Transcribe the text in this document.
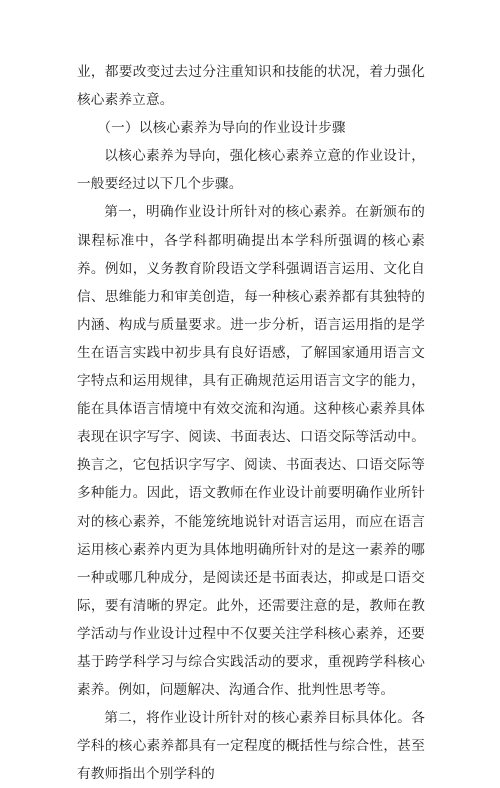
业，都要改变过去过分注重知识和技能的状况，着力强化核心素养立意。

（一）以核心素养为导向的作业设计步骤

以核心素养为导向，强化核心素养立意的作业设计，一般要经过以下几个步骤。

第一，明确作业设计所针对的核心素养。在新颁布的课程标准中，各学科都明确提出本学科所强调的核心素养。例如，义务教育阶段语文学科强调语言运用、文化自信、思维能力和审美创造，每一种核心素养都有其独特的内涵、构成与质量要求。进一步分析，语言运用指的是学生在语言实践中初步具有良好语感，了解国家通用语言文字特点和运用规律，具有正确规范运用语言文字的能力，能在具体语言情境中有效交流和沟通。这种核心素养具体表现在识字写字、阅读、书面表达、口语交际等活动中。换言之，它包括识字写字、阅读、书面表达、口语交际等多种能力。因此，语文教师在作业设计前要明确作业所针对的核心素养，不能笼统地说针对语言运用，而应在语言运用核心素养内更为具体地明确所针对的是这一素养的哪一种或哪几种成分，是阅读还是书面表达，抑或是口语交际，要有清晰的界定。此外，还需要注意的是，教师在教学活动与作业设计过程中不仅要关注学科核心素养，还要基于跨学科学习与综合实践活动的要求，重视跨学科核心素养。例如，问题解决、沟通合作、批判性思考等。

第二，将作业设计所针对的核心素养目标具体化。各学科的核心素养都具有一定程度的概括性与综合性，甚至有教师指出个别学科的
